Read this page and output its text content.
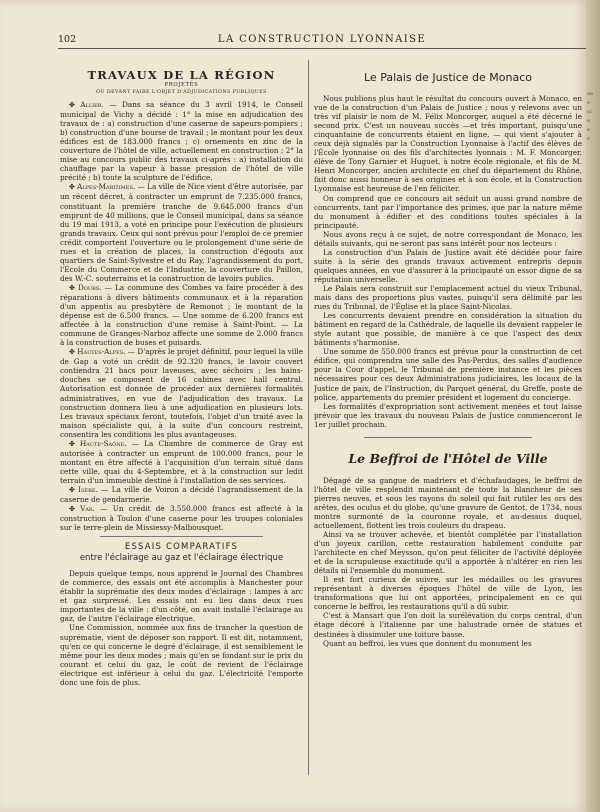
102	LA CONSTRUCTION LYONNAISE
TRAVAUX DE LA RÉGION
PROJETÉS
OU DEVANT FAIRE L'OBJET D'ADJUDICATIONS PUBLIQUES

✤ Allier. — Dans sa séance du 3 avril 1914, le Conseil municipal de Vichy a décidé : 1° la mise en adjudication des travaux de : a) construction d'une caserne de sapeurs-pompiers ; b) construction d'une bourse de travail ; le montant pour les deux édifices est de 183.000 francs ; c) ornements en zinc de la couverture de l'hôtel de ville, actuellement en construction ; 2° la mise au concours public des travaux ci-après : a) installation du chauffage par la vapeur à basse pression de l'hôtel de ville précité ; b) toute la sculpture de l'édifice.

✤ Alpes-Maritimes. — La ville de Nice vient d'être autorisée, par un récent décret, à contracter un emprunt de 7.235.000 francs, constituant la première tranche de 9.645.000 francs d'un emprunt de 40 millions, que le Conseil municipal, dans sa séance du 19 mai 1913, a voté en principe pour l'exécution de plusieurs grands travaux. Ceux qui sont prévus pour l'emploi de ce premier crédit comportent l'ouverture ou le prolongement d'une série de rues et la création de places, la construction d'égouts aux quartiers de Saint-Sylvestre et du Ray, l'agrandissement du port, l'École du Commerce et de l'Industrie, la couverture du Paillon, des W.-C. souterrains et la construction de lavoirs publics.

✤ Doubs. — La commune des Combes va faire procéder à des réparations à divers bâtiments communaux et à la réparation d'un appentis au presbytère de Remonot ; le montant de la dépense est de 6.500 francs. — Une somme de 6.200 francs est affectée à la construction d'une remise à Saint-Point. — La commune de Granges-Narboz affecte une somme de 2.000 francs à la construction de buses et puisards.

✤ Hautes-Alpes. — D'après le projet définitif, pour lequel la ville de Gap a voté un crédit de 92.320 francs, le lavoir couvert contiendra 21 bacs pour laveuses, avec séchoirs ; les bains-douches se composent de 16 cabines avec hall central. Autorisation est donnée de procéder aux dernières formalités administratives, en vue de l'adjudication des travaux. La construction donnera lieu à une adjudication en plusieurs lots. Les travaux spéciaux feront, toutefois, l'objet d'un traité avec la maison spécialiste qui, à la suite d'un concours restreint, consentira les conditions les plus avantageuses.

✤ Haute-Saône. — La Chambre de commerce de Gray est autorisée à contracter un emprunt de 100.000 francs, pour le montant en être affecté à l'acquisition d'un terrain situé dans cette ville, quai du 4-Septembre, et à la construction sur ledit terrain d'un immeuble destiné à l'installation de ses services.

✤ Isère. — La ville de Voiron a décidé l'agrandissement de la caserne de gendarmerie.

✤ Var. — Un crédit de 3.550.000 francs est affecté à la construction à Toulon d'une caserne pour les troupes coloniales sur le terre-plein de Missiessy-Malbousquet.

ESSAIS COMPARATIFS
entre l'éclairage au gaz et l'éclairage électrique

Depuis quelque temps, nous apprend le Journal des Chambres de commerce, des essais ont été accomplis à Manchester pour établir la suprématie des deux modes d'éclairage : lampes à arc et gaz surpressé. Les essais ont eu lieu dans deux rues importantes de la ville : d'un côté, on avait installé l'éclairage au gaz, de l'autre l'éclairage électrique.

Une Commission, nommée aux fins de trancher la question de suprématie, vient de déposer son rapport. Il est dit, notamment, qu'en ce qui concerne le degré d'éclairage, il est sensiblement le même pour les deux modes ; mais qu'en se fondant sur le prix du courant et celui du gaz, le coût de revient de l'éclairage électrique est inférieur à celui du gaz. L'électricité l'emporte donc une fois de plus.

Le Palais de Justice de Monaco

Nous publions plus haut le résultat du concours ouvert à Monaco, en vue de la construction d'un Palais de Justice ; nous y relevons avec un très vif plaisir le nom de M. Félix Moncorger, auquel a été décerné le second prix. C'est un nouveau succès —et très important, puisqu'une cinquantaine de concurrents étaient en ligne, — qui vient s'ajouter à ceux déjà signalés par la Construction Lyonnaise à l'actif des élèves de l'École lyonnaise ou des fils d'architectes lyonnais : M. F. Moncorger, élève de Tony Garnier et Huguet, à notre école régionale, et fils de M. Henri Moncorger, ancien architecte en chef du département du Rhône, fait donc aussi honneur à ses origines et à son école, et la Construction Lyonnaise est heureuse de l'en féliciter.

On comprend que ce concours ait séduit un aussi grand nombre de concurrents, tant par l'importance des primes, que par la nature même du monument à édifier et des conditions toutes spéciales à la principauté.

Nous avons reçu à ce sujet, de notre correspondant de Monaco, les détails suivants, qui ne seront pas sans intérêt pour nos lecteurs :

La construction d'un Palais de Justice avait été décidée pour faire suite à la série des grands travaux activement entrepris depuis quelques années, en vue d'assurer à la principauté un essor digne de sa réputation universelle.

Le Palais sera construit sur l'emplacement actuel du vieux Tribunal, mais dans des proportions plus vastes, puisqu'il sera délimité par les rues du Tribunal, de l'Église et la place Saint-Nicolas.

Les concurrents devaient prendre en considération la situation du bâtiment en regard de la Cathédrale, de laquelle ils devaient rappeler le style autant que possible, de manière à ce que l'aspect des deux bâtiments s'harmonise.

Une somme de 550.000 francs est prévue pour la construction de cet édifice, qui comprendra une salle des Pas-Perdus, des salles d'audience pour la Cour d'appel, le Tribunal de première instance et les pièces nécessaires pour ces deux Administrations judiciaires, les locaux de la Justice de paix, de l'Instruction, du Parquet général, du Greffe, poste de police, appartements du premier président et logement du concierge.

Les formalités d'expropriation sont activement menées et tout laisse prévoir que les travaux du nouveau Palais de Justice commenceront le 1er juillet prochain.

Le Beffroi de l'Hôtel de Ville

Dégagé de sa gangue de madriers et d'échafaudages, le beffroi de l'hôtel de ville resplendit maintenant de toute la blancheur de ses pierres neuves, et sous les rayons du soleil qui fait rutiler les ors des arêtes, des oculus et du globe, qu'une gravure de Gentot, de 1734, nous montre surmonté de la couronne royale, et au-dessus duquel, actuellement, flottent les trois couleurs du drapeau.

Ainsi va se trouver achevée, et bientôt complétée par l'installation d'un joyeux carillon, cette restauration habilement conduite par l'architecte en chef Meysson, qu'on peut féliciter de l'activité déployée et de la scrupuleuse exactitude qu'il a apportée à n'altérer en rien les détails ni l'ensemble du monument.

Il est fort curieux de suivre, sur les médailles ou les gravures représentant à diverses époques l'hôtel de ville de Lyon, les transformations que lui ont apportées, principalement en ce qui concerne le beffroi, les restaurations qu'il a dû subir.

C'est à Mansart que l'on doit la surélévation du corps central, d'un étage décoré à l'italienne par une balustrade ornée de statues et destinées à dissimuler une toiture basse.

Quant au beffroi, les vues que donnent du monument les

ne
e
sc
e
e
e
